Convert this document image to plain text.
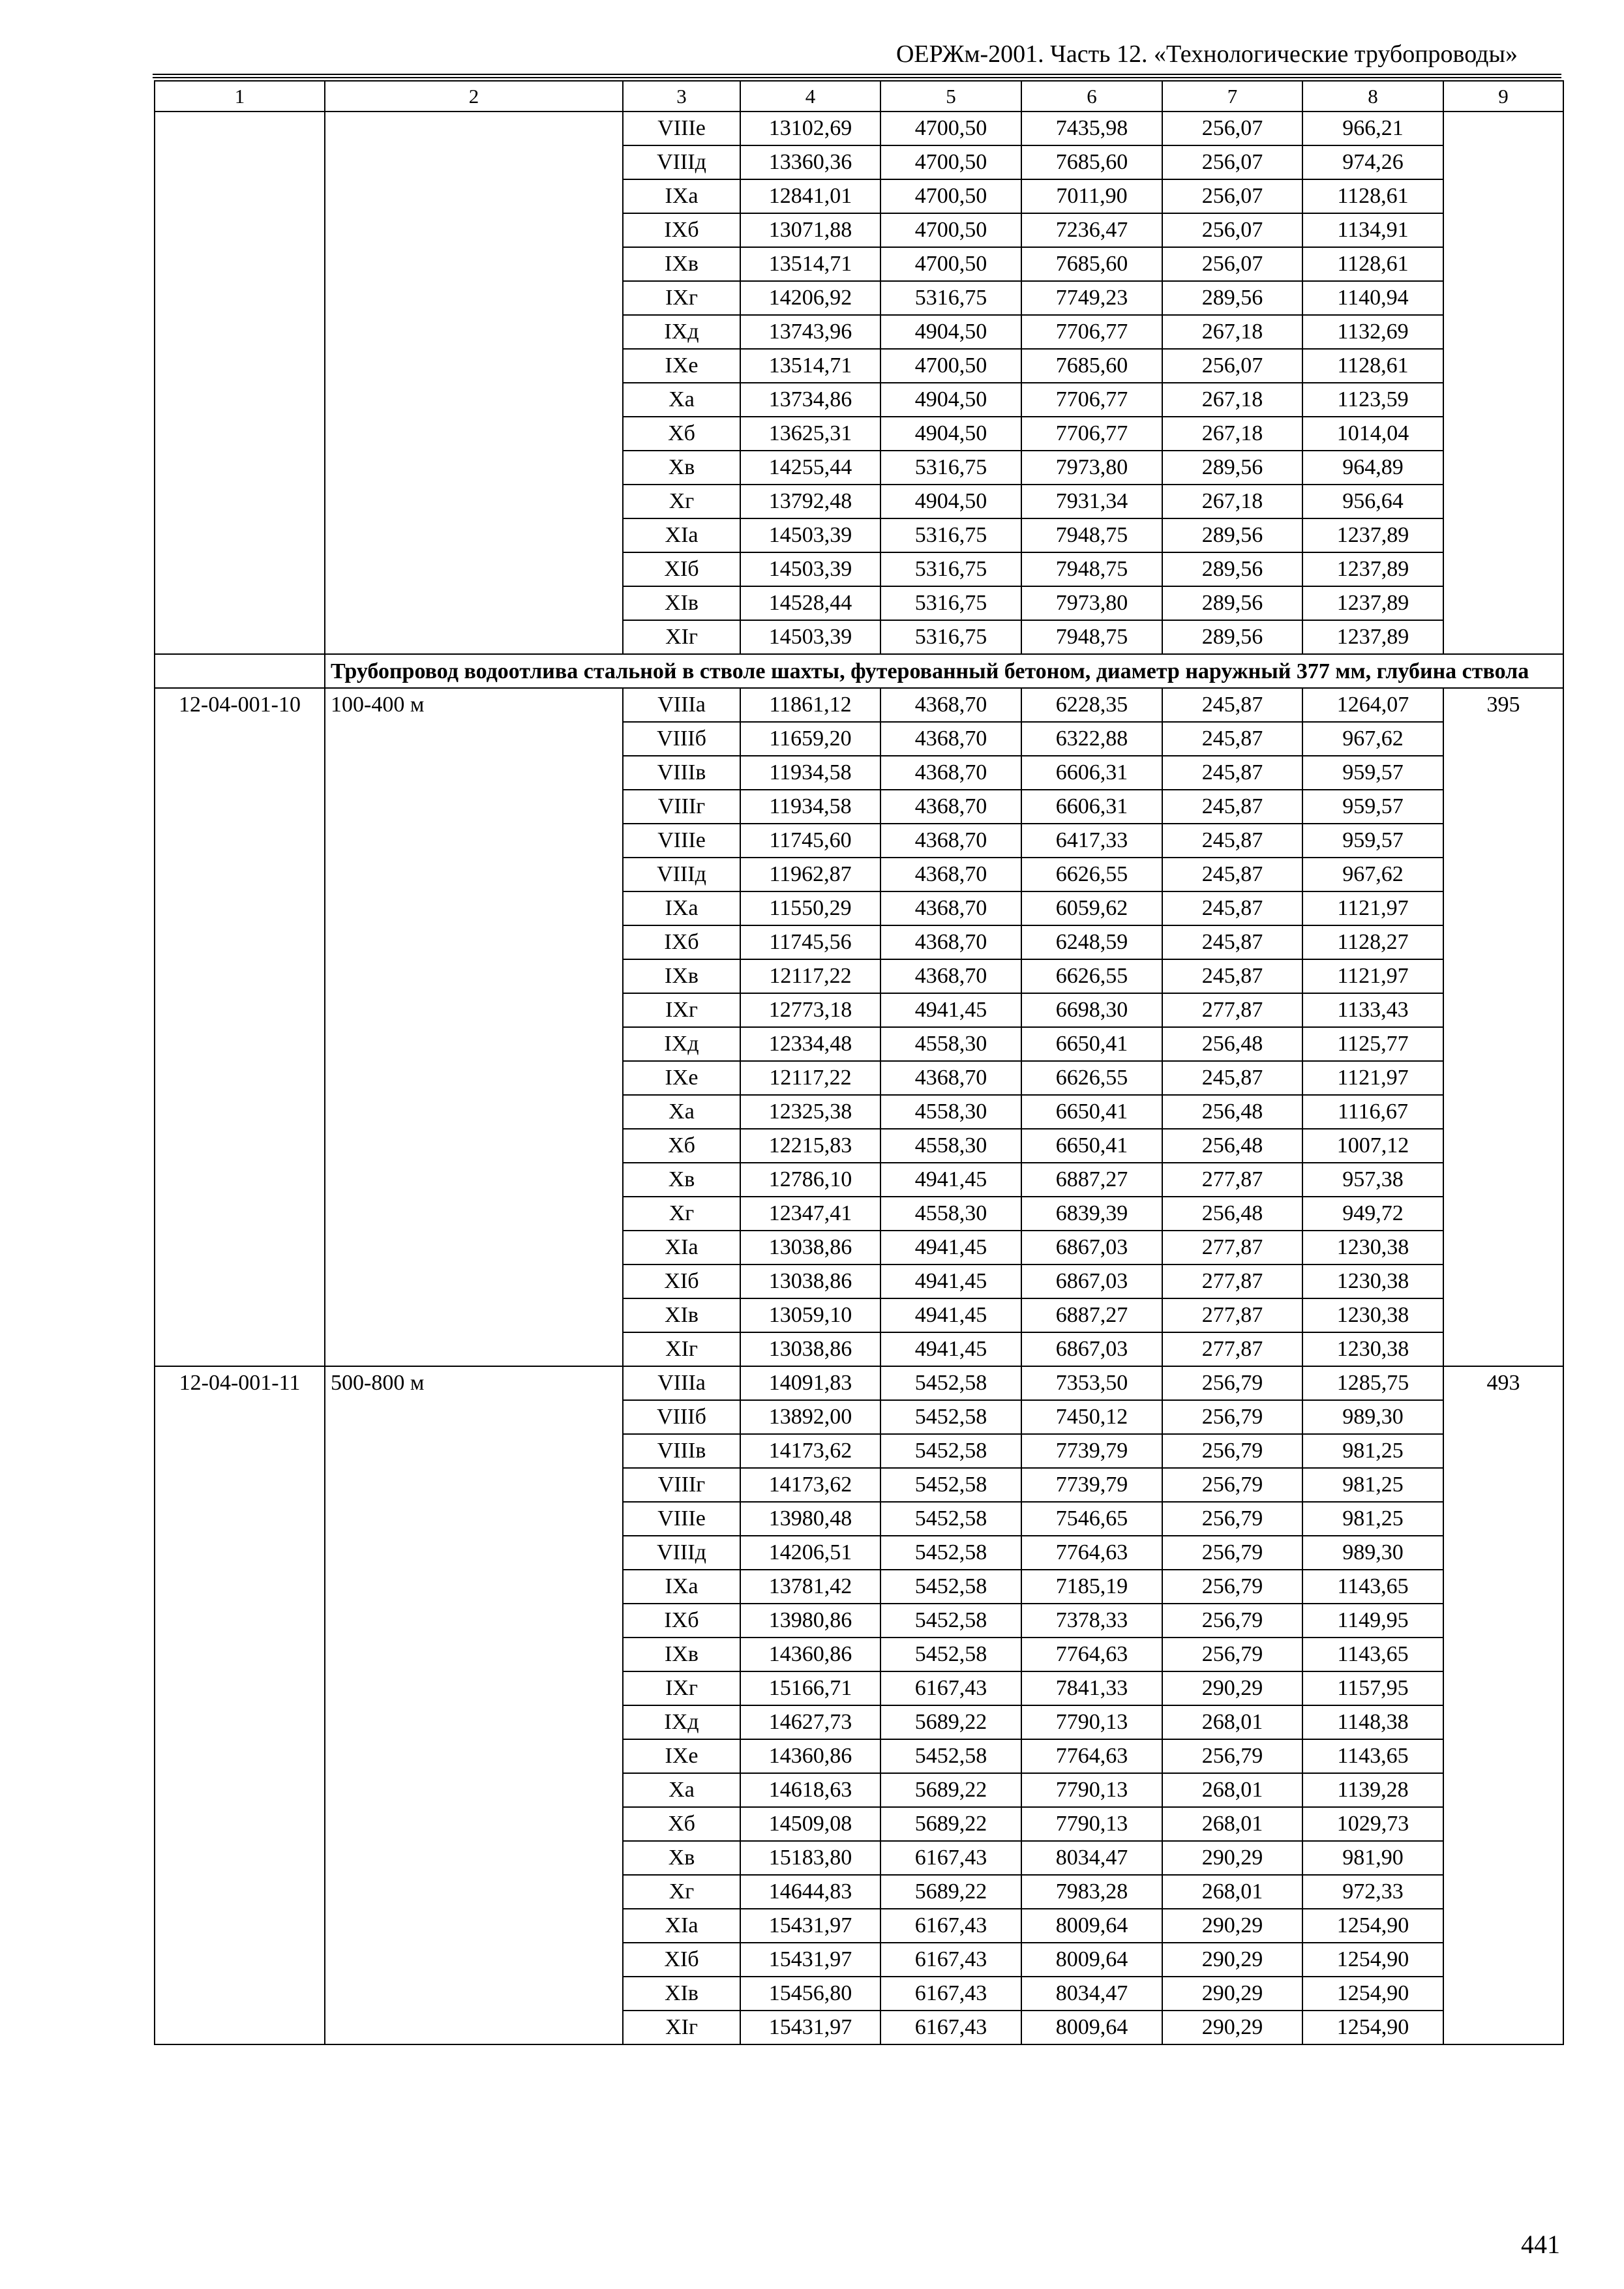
ОЕРЖм-2001. Часть 12. «Технологические трубопроводы»
1	2	3	4	5	6	7	8	9
		VIIIе	13102,69	4700,50	7435,98	256,07	966,21	
		VIIIд	13360,36	4700,50	7685,60	256,07	974,26	
		IXа	12841,01	4700,50	7011,90	256,07	1128,61	
		IXб	13071,88	4700,50	7236,47	256,07	1134,91	
		IXв	13514,71	4700,50	7685,60	256,07	1128,61	
		IXг	14206,92	5316,75	7749,23	289,56	1140,94	
		IXд	13743,96	4904,50	7706,77	267,18	1132,69	
		IXе	13514,71	4700,50	7685,60	256,07	1128,61	
		Xа	13734,86	4904,50	7706,77	267,18	1123,59	
		Xб	13625,31	4904,50	7706,77	267,18	1014,04	
		Xв	14255,44	5316,75	7973,80	289,56	964,89	
		Xг	13792,48	4904,50	7931,34	267,18	956,64	
		XIа	14503,39	5316,75	7948,75	289,56	1237,89	
		XIб	14503,39	5316,75	7948,75	289,56	1237,89	
		XIв	14528,44	5316,75	7973,80	289,56	1237,89	
		XIг	14503,39	5316,75	7948,75	289,56	1237,89	
	Трубопровод водоотлива стальной в стволе шахты, футерованный бетоном, диаметр наружный 377 мм, глубина ствола							
12-04-001-10	100-400 м	VIIIа	11861,12	4368,70	6228,35	245,87	1264,07	395
		VIIIб	11659,20	4368,70	6322,88	245,87	967,62	
		VIIIв	11934,58	4368,70	6606,31	245,87	959,57	
		VIIIг	11934,58	4368,70	6606,31	245,87	959,57	
		VIIIе	11745,60	4368,70	6417,33	245,87	959,57	
		VIIIд	11962,87	4368,70	6626,55	245,87	967,62	
		IXа	11550,29	4368,70	6059,62	245,87	1121,97	
		IXб	11745,56	4368,70	6248,59	245,87	1128,27	
		IXв	12117,22	4368,70	6626,55	245,87	1121,97	
		IXг	12773,18	4941,45	6698,30	277,87	1133,43	
		IXд	12334,48	4558,30	6650,41	256,48	1125,77	
		IXе	12117,22	4368,70	6626,55	245,87	1121,97	
		Xа	12325,38	4558,30	6650,41	256,48	1116,67	
		Xб	12215,83	4558,30	6650,41	256,48	1007,12	
		Xв	12786,10	4941,45	6887,27	277,87	957,38	
		Xг	12347,41	4558,30	6839,39	256,48	949,72	
		XIа	13038,86	4941,45	6867,03	277,87	1230,38	
		XIб	13038,86	4941,45	6867,03	277,87	1230,38	
		XIв	13059,10	4941,45	6887,27	277,87	1230,38	
		XIг	13038,86	4941,45	6867,03	277,87	1230,38	
12-04-001-11	500-800 м	VIIIа	14091,83	5452,58	7353,50	256,79	1285,75	493
		VIIIб	13892,00	5452,58	7450,12	256,79	989,30	
		VIIIв	14173,62	5452,58	7739,79	256,79	981,25	
		VIIIг	14173,62	5452,58	7739,79	256,79	981,25	
		VIIIе	13980,48	5452,58	7546,65	256,79	981,25	
		VIIIд	14206,51	5452,58	7764,63	256,79	989,30	
		IXа	13781,42	5452,58	7185,19	256,79	1143,65	
		IXб	13980,86	5452,58	7378,33	256,79	1149,95	
		IXв	14360,86	5452,58	7764,63	256,79	1143,65	
		IXг	15166,71	6167,43	7841,33	290,29	1157,95	
		IXд	14627,73	5689,22	7790,13	268,01	1148,38	
		IXе	14360,86	5452,58	7764,63	256,79	1143,65	
		Xа	14618,63	5689,22	7790,13	268,01	1139,28	
		Xб	14509,08	5689,22	7790,13	268,01	1029,73	
		Xв	15183,80	6167,43	8034,47	290,29	981,90	
		Xг	14644,83	5689,22	7983,28	268,01	972,33	
		XIа	15431,97	6167,43	8009,64	290,29	1254,90	
		XIб	15431,97	6167,43	8009,64	290,29	1254,90	
		XIв	15456,80	6167,43	8034,47	290,29	1254,90	
		XIг	15431,97	6167,43	8009,64	290,29	1254,90	
441
